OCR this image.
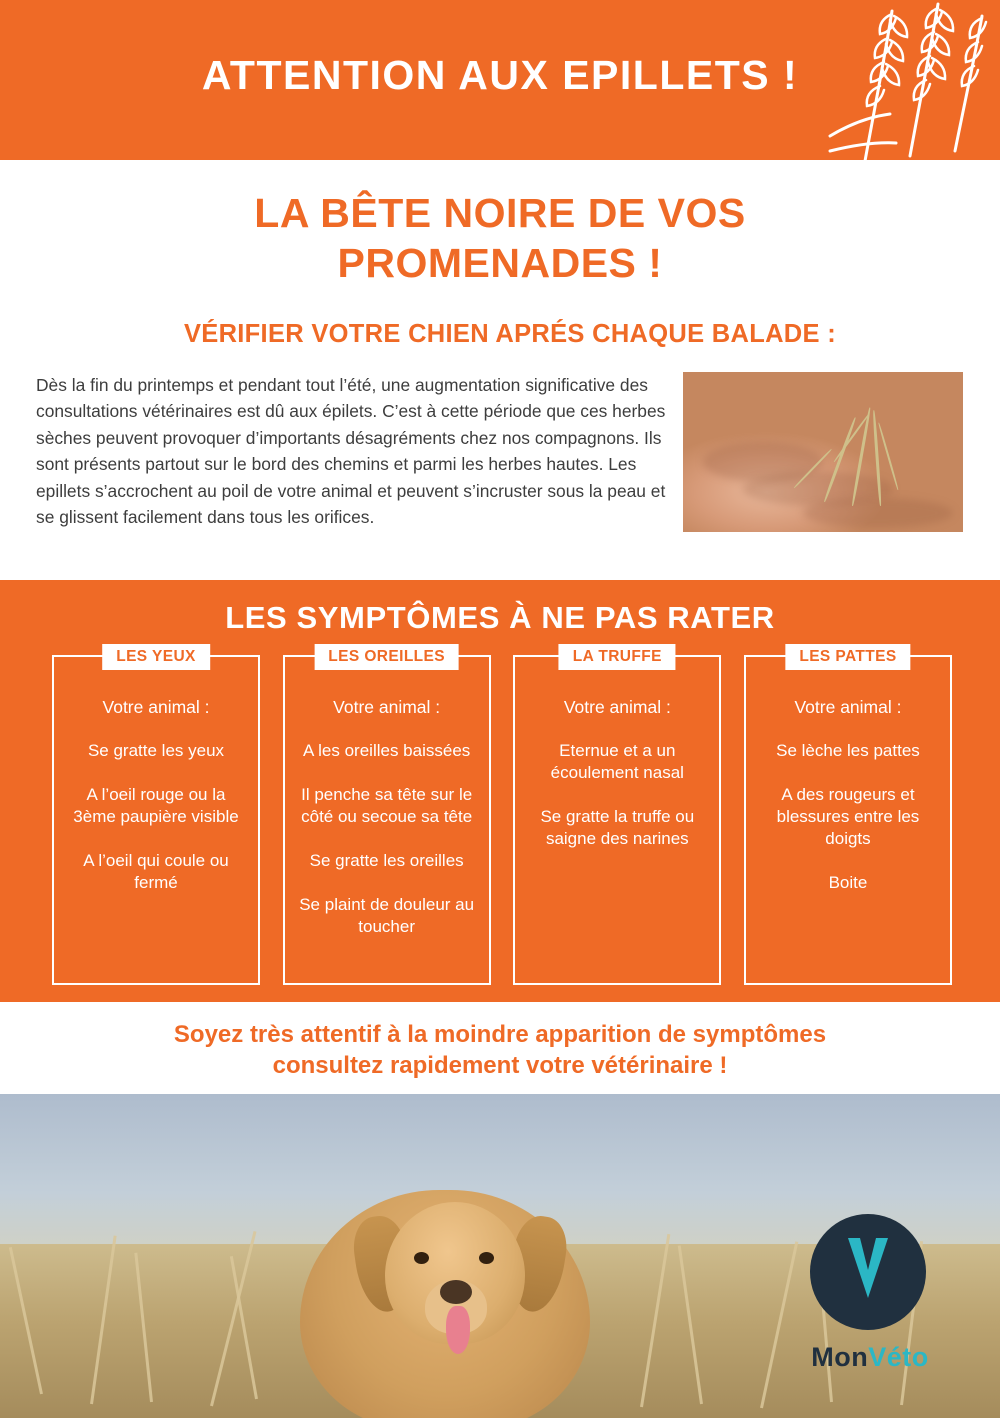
ATTENTION AUX EPILLETS !
LA BÊTE NOIRE DE VOS PROMENADES !
VÉRIFIER VOTRE CHIEN APRÉS CHAQUE BALADE :
Dès la fin du printemps et pendant tout l’été, une augmentation significative des consultations vétérinaires est dû aux épilets. C’est à cette période que ces herbes sèches peuvent provoquer d’importants désagréments chez nos compagnons. Ils sont présents partout sur le bord des chemins et parmi les herbes hautes. Les epillets s’accrochent au poil de votre animal et peuvent s’incruster sous la peau et se glissent facilement dans tous les orifices.
LES SYMPTÔMES À NE PAS RATER
LES YEUX
Votre animal :
Se gratte les yeux
A l’oeil rouge ou la 3ème paupière visible
A l’oeil qui coule ou fermé
LES OREILLES
Votre animal :
A les oreilles baissées
Il penche sa tête sur le côté ou secoue sa tête
Se gratte les oreilles
Se plaint de douleur au toucher
LA TRUFFE
Votre animal :
Eternue et a un écoulement nasal
Se gratte la truffe ou saigne des narines
LES PATTES
Votre animal :
Se lèche les pattes
A des rougeurs et blessures entre les doigts
Boite
Soyez très attentif à la moindre apparition de symptômes
consultez rapidement votre vétérinaire !
MonVéto
